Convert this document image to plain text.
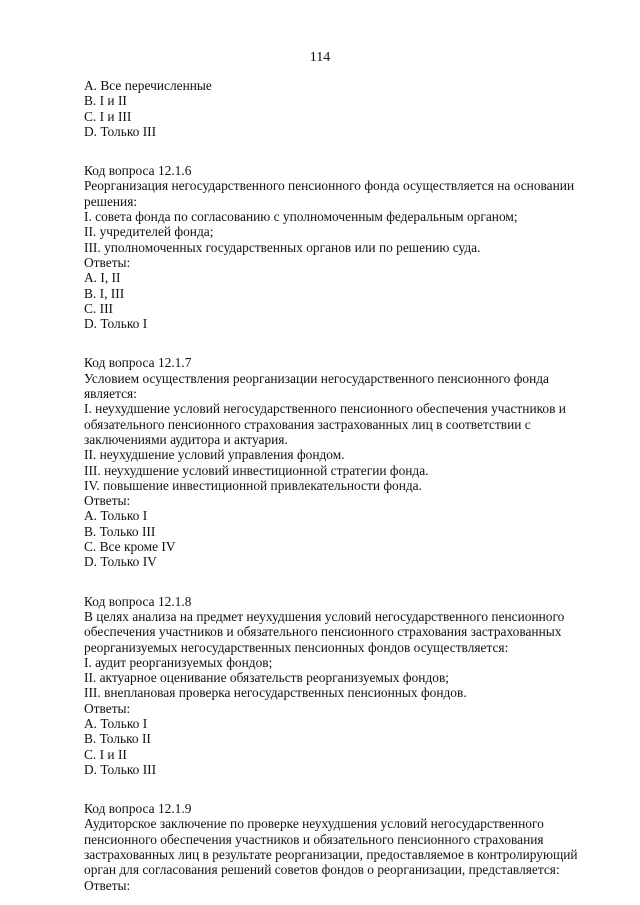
114
A. Все перечисленные
B. I и II
C. I и III
D. Только III
Код вопроса 12.1.6
Реорганизация негосударственного пенсионного фонда осуществляется на основании
решения:
I. совета фонда по согласованию с уполномоченным федеральным органом;
II. учредителей фонда;
III. уполномоченных государственных органов или по решению суда.
Ответы:
A. I, II
B. I, III
C. III
D. Только I
Код вопроса 12.1.7
Условием осуществления реорганизации негосударственного пенсионного фонда
является:
I. неухудшение условий негосударственного пенсионного обеспечения участников и
обязательного пенсионного страхования застрахованных лиц в соответствии с
заключениями аудитора и актуария.
II. неухудшение условий управления фондом.
III. неухудшение условий инвестиционной стратегии фонда.
IV. повышение инвестиционной привлекательности фонда.
Ответы:
A. Только I
B. Только III
C. Все кроме IV
D. Только IV
Код вопроса 12.1.8
В целях анализа на предмет неухудшения условий негосударственного пенсионного
обеспечения участников и обязательного пенсионного страхования застрахованных
реорганизуемых негосударственных пенсионных фондов осуществляется:
I. аудит реорганизуемых фондов;
II. актуарное оценивание обязательств реорганизуемых фондов;
III. внеплановая проверка негосударственных пенсионных фондов.
Ответы:
A. Только I
B. Только II
C. I и II
D. Только III
Код вопроса 12.1.9
Аудиторское заключение по проверке неухудшения условий негосударственного
пенсионного обеспечения участников и обязательного пенсионного страхования
застрахованных лиц в результате реорганизации, предоставляемое в контролирующий
орган для согласования решений советов фондов о реорганизации, представляется:
Ответы:
